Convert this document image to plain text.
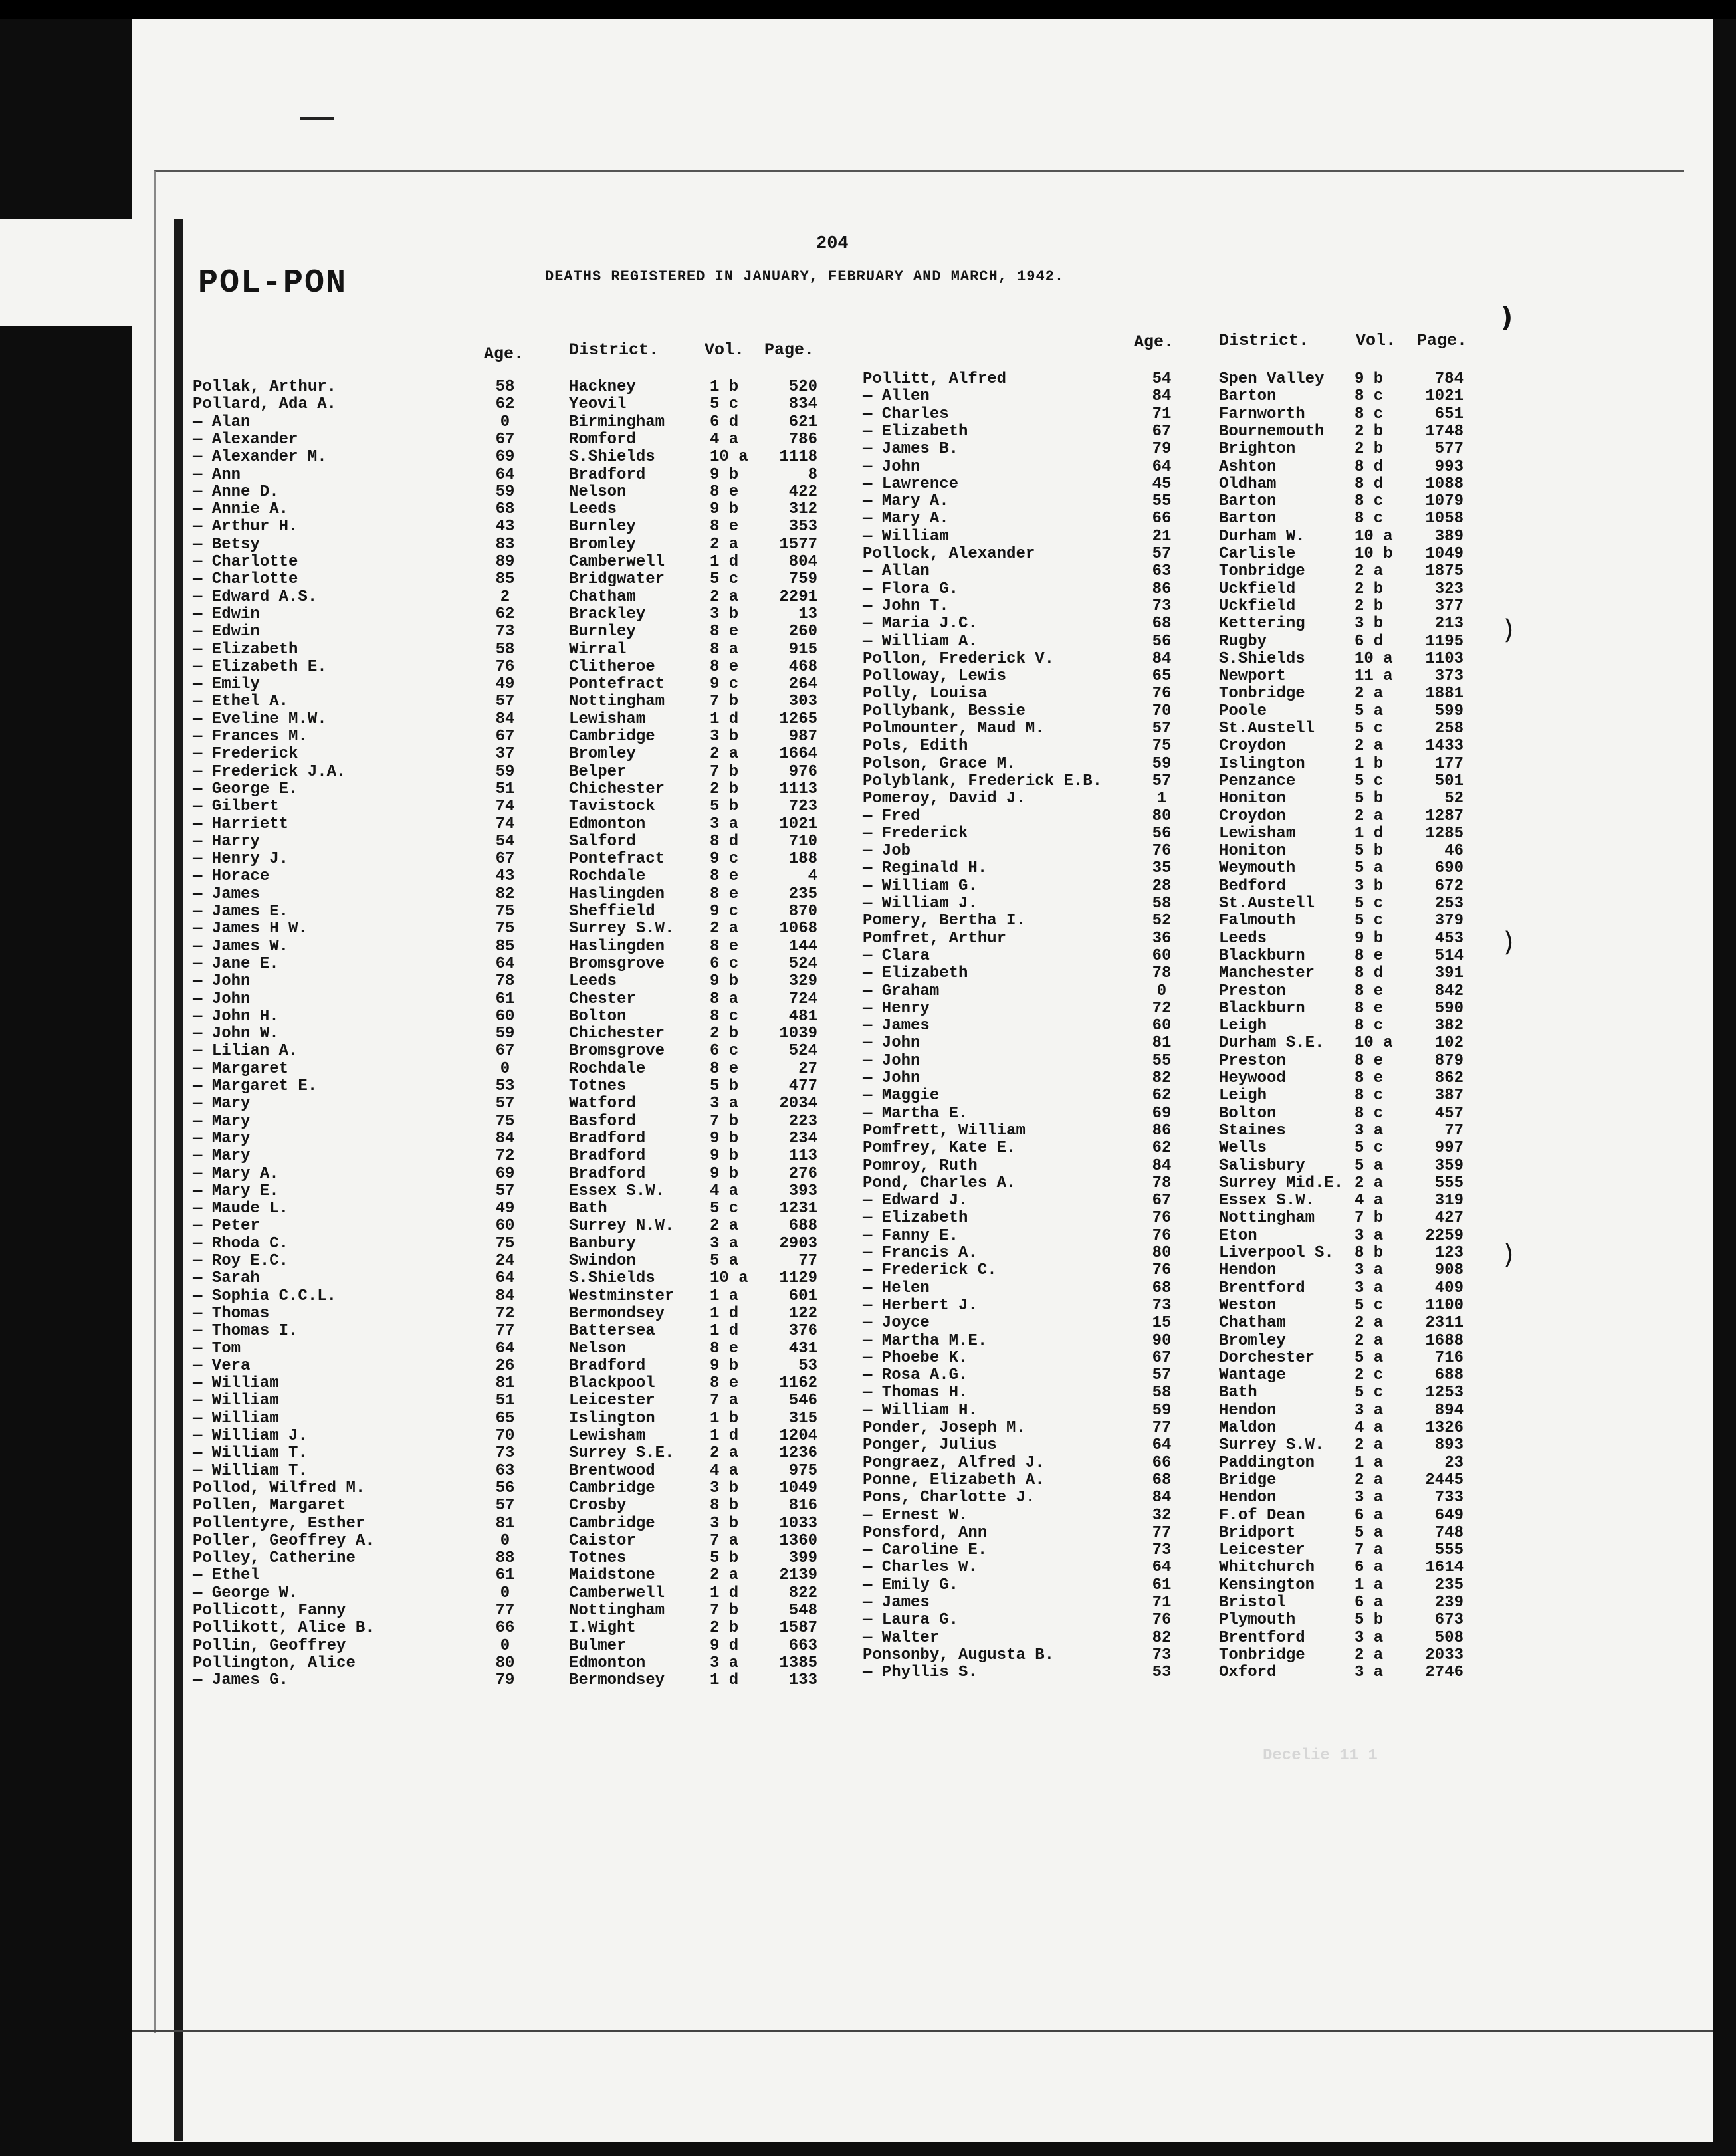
)
)
)
)
204
POL-PON	DEATHS REGISTERED IN JANUARY, FEBRUARY AND MARCH, 1942.
Age.	District.	Vol. Page.	Age.	District.	Vol. Page.
Pollak, Arthur.	58	Hackney	1 b	520
Pollard, Ada A.	62	Yeovil	5 c	834
— Alan	0	Birmingham	6 d	621
— Alexander	67	Romford	4 a	786
— Alexander M.	69	S.Shields	10 a	1118
— Ann	64	Bradford	9 b	8
— Anne D.	59	Nelson	8 e	422
— Annie A.	68	Leeds	9 b	312
— Arthur H.	43	Burnley	8 e	353
— Betsy	83	Bromley	2 a	1577
— Charlotte	89	Camberwell	1 d	804
— Charlotte	85	Bridgwater	5 c	759
— Edward A.S.	2	Chatham	2 a	2291
— Edwin	62	Brackley	3 b	13
— Edwin	73	Burnley	8 e	260
— Elizabeth	58	Wirral	8 a	915
— Elizabeth E.	76	Clitheroe	8 e	468
— Emily	49	Pontefract	9 c	264
— Ethel A.	57	Nottingham	7 b	303
— Eveline M.W.	84	Lewisham	1 d	1265
— Frances M.	67	Cambridge	3 b	987
— Frederick	37	Bromley	2 a	1664
— Frederick J.A.	59	Belper	7 b	976
— George E.	51	Chichester	2 b	1113
— Gilbert	74	Tavistock	5 b	723
— Harriett	74	Edmonton	3 a	1021
— Harry	54	Salford	8 d	710
— Henry J.	67	Pontefract	9 c	188
— Horace	43	Rochdale	8 e	4
— James	82	Haslingden	8 e	235
— James E.	75	Sheffield	9 c	870
— James H W.	75	Surrey S.W. 2 a	1068
— James W.	85	Haslingden	8 e	144
— Jane E.	64	Bromsgrove	6 c	524
— John	78	Leeds	9 b	329
— John	61	Chester	8 a	724
— John H.	60	Bolton	8 c	481
— John W.	59	Chichester	2 b	1039
— Lilian A.	67	Bromsgrove	6 c	524
— Margaret	0	Rochdale	8 e	27
— Margaret E.	53	Totnes	5 b	477
— Mary	57	Watford	3 a	2034
— Mary	75	Basford	7 b	223
— Mary	84	Bradford	9 b	234
— Mary	72	Bradford	9 b	113
— Mary A.	69	Bradford	9 b	276
— Mary E.	57	Essex S.W.	4 a	393
— Maude L.	49	Bath	5 c	1231
— Peter	60	Surrey N.W. 2 a	688
— Rhoda C.	75	Banbury	3 a	2903
— Roy E.C.	24	Swindon	5 a	77
— Sarah	64	S.Shields	10 a	1129
— Sophia C.C.L.	84	Westminster 1 a	601
— Thomas	72	Bermondsey	1 d	122
— Thomas I.	77	Battersea	1 d	376
— Tom	64	Nelson	8 e	431
— Vera	26	Bradford	9 b	53
— William	81	Blackpool	8 e	1162
— William	51	Leicester	7 a	546
— William	65	Islington	1 b	315
— William J.	70	Lewisham	1 d	1204
— William T.	73	Surrey S.E. 2 a	1236
— William T.	63	Brentwood	4 a	975
Pollod, Wilfred M.	56	Cambridge	3 b	1049
Pollen, Margaret	57	Crosby	8 b	816
Pollentyre, Esther	81	Cambridge	3 b	1033
Poller, Geoffrey A.	0	Caistor	7 a	1360
Polley, Catherine	88	Totnes	5 b	399
— Ethel	61	Maidstone	2 a	2139
— George W.	0	Camberwell	1 d	822
Pollicott, Fanny	77	Nottingham	7 b	548
Pollikott, Alice B.	66	I.Wight	2 b	1587
Pollin, Geoffrey	0	Bulmer	9 d	663
Pollington, Alice	80	Edmonton	3 a	1385
— James G.	79	Bermondsey	1 d	133
Pollitt, Alfred	54	Spen Valley 9 b	784
— Allen	84	Barton	8 c	1021
— Charles	71	Farnworth	8 c	651
— Elizabeth	67	Bournemouth 2 b	1748
— James B.	79	Brighton	2 b	577
— John	64	Ashton	8 d	993
— Lawrence	45	Oldham	8 d	1088
— Mary A.	55	Barton	8 c	1079
— Mary A.	66	Barton	8 c	1058
— William	21	Durham W.	10 a	389
Pollock, Alexander	57	Carlisle	10 b	1049
— Allan	63	Tonbridge	2 a	1875
— Flora G.	86	Uckfield	2 b	323
— John T.	73	Uckfield	2 b	377
— Maria J.C.	68	Kettering	3 b	213
— William A.	56	Rugby	6 d	1195
Pollon, Frederick V.	84	S.Shields	10 a	1103
Polloway, Lewis	65	Newport	11 a	373
Polly, Louisa	76	Tonbridge	2 a	1881
Pollybank, Bessie	70	Poole	5 a	599
Polmounter, Maud M.	57	St.Austell 5 c	258
Pols, Edith	75	Croydon	2 a	1433
Polson, Grace M.	59	Islington	1 b	177
Polyblank, Frederick E.B.	57	Penzance	5 c	501
Pomeroy, David J.	1	Honiton	5 b	52
— Fred	80	Croydon	2 a	1287
— Frederick	56	Lewisham	1 d	1285
— Job	76	Honiton	5 b	46
— Reginald H.	35	Weymouth	5 a	690
— William G.	28	Bedford	3 b	672
— William J.	58	St.Austell 5 c	253
Pomery, Bertha I.	52	Falmouth	5 c	379
Pomfret, Arthur	36	Leeds	9 b	453
— Clara	60	Blackburn	8 e	514
— Elizabeth	78	Manchester 8 d	391
— Graham	0	Preston	8 e	842
— Henry	72	Blackburn	8 e	590
— James	60	Leigh	8 c	382
— John	81	Durham S.E. 10 a	102
— John	55	Preston	8 e	879
— John	82	Heywood	8 e	862
— Maggie	62	Leigh	8 c	387
— Martha E.	69	Bolton	8 c	457
Pomfrett, William	86	Staines	3 a	77
Pomfrey, Kate E.	62	Wells	5 c	997
Pomroy, Ruth	84	Salisbury	5 a	359
Pond, Charles A.	78	Surrey Mid.E. 2 a	555
— Edward J.	67	Essex S.W. 4 a	319
— Elizabeth	76	Nottingham 7 b	427
— Fanny E.	76	Eton	3 a	2259
— Francis A.	80	Liverpool S. 8 b	123
— Frederick C.	76	Hendon	3 a	908
— Helen	68	Brentford	3 a	409
— Herbert J.	73	Weston	5 c	1100
— Joyce	15	Chatham	2 a	2311
— Martha M.E.	90	Bromley	2 a	1688
— Phoebe K.	67	Dorchester 5 a	716
— Rosa A.G.	57	Wantage	2 c	688
— Thomas H.	58	Bath	5 c	1253
— William H.	59	Hendon	3 a	894
Ponder, Joseph M.	77	Maldon	4 a	1326
Ponger, Julius	64	Surrey S.W. 2 a	893
Pongraez, Alfred J.	66	Paddington 1 a	23
Ponne, Elizabeth A.	68	Bridge	2 a	2445
Pons, Charlotte J.	84	Hendon	3 a	733
— Ernest W.	32	F.of Dean	6 a	649
Ponsford, Ann	77	Bridport	5 a	748
— Caroline E.	73	Leicester	7 a	555
— Charles W.	64	Whitchurch 6 a	1614
— Emily G.	61	Kensington 1 a	235
— James	71	Bristol	6 a	239
— Laura G.	76	Plymouth	5 b	673
— Walter	82	Brentford	3 a	508
Ponsonby, Augusta B.	73	Tonbridge	2 a	2033
— Phyllis S.	53	Oxford	3 a	2746
Decelie 11 1
